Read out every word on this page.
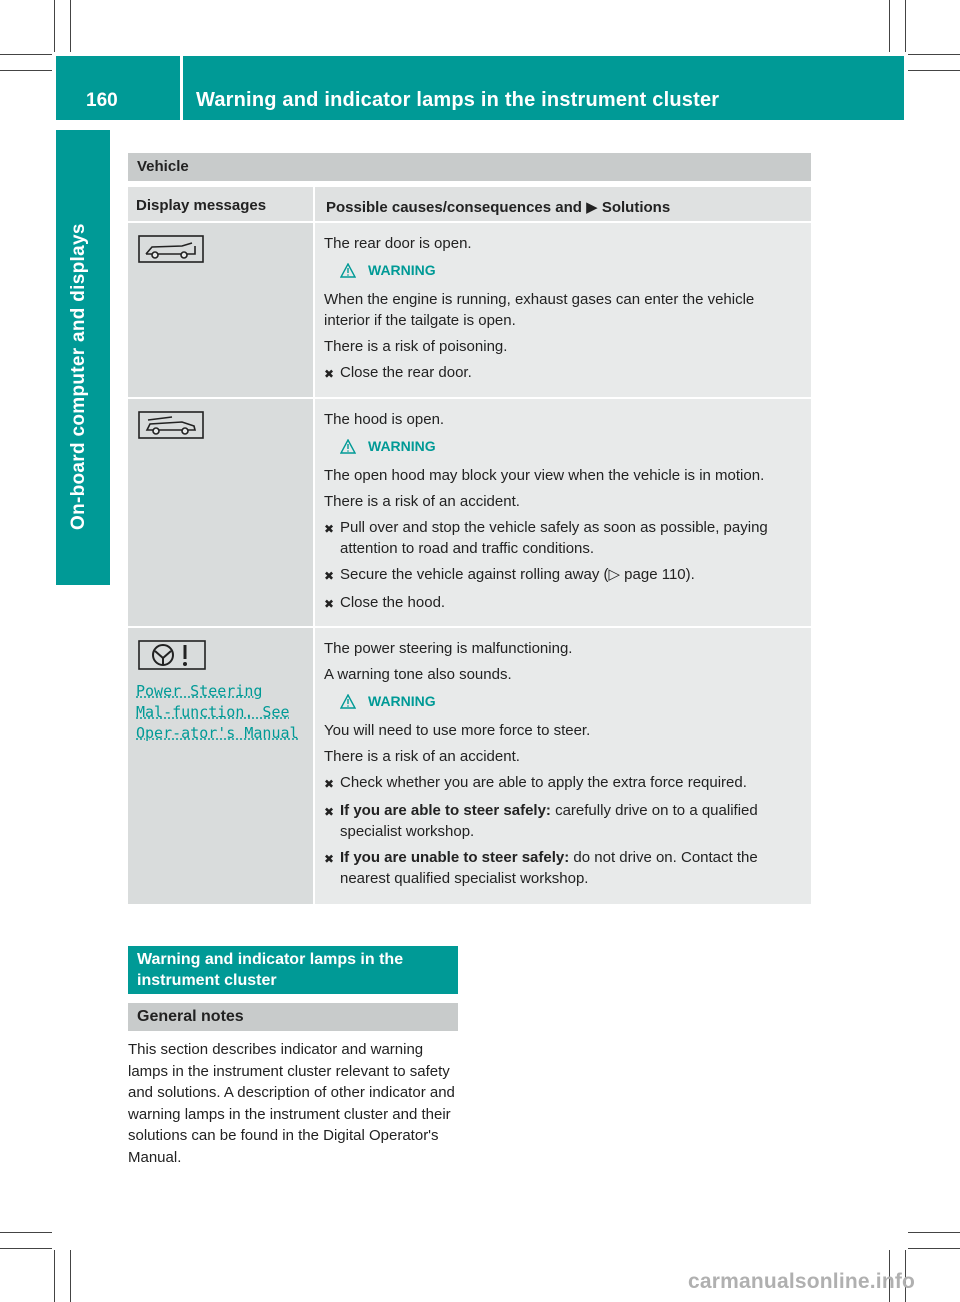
160	Warning and indicator lamps in the instrument cluster
On-board computer and displays
Vehicle
Display messages	Possible causes/consequences and ▶ Solutions
The rear door is open.
WARNING
When the engine is running, exhaust gases can enter the vehicle interior if the tailgate is open.
There is a risk of poisoning.
✖ Close the rear door.
The hood is open.
WARNING
The open hood may block your view when the vehicle is in motion.
There is a risk of an accident.
✖ Pull over and stop the vehicle safely as soon as possible, paying attention to road and traffic conditions.
✖ Secure the vehicle against rolling away (▷ page 110).
✖ Close the hood.
Power Steering Mal-function. See Oper-ator's Manual
The power steering is malfunctioning.
A warning tone also sounds.
WARNING
You will need to use more force to steer.
There is a risk of an accident.
✖ Check whether you are able to apply the extra force required.
✖ If you are able to steer safely: carefully drive on to a qualified specialist workshop.
✖ If you are unable to steer safely: do not drive on. Contact the nearest qualified specialist workshop.
Warning and indicator lamps in the instrument cluster
General notes
This section describes indicator and warning lamps in the instrument cluster relevant to safety and solutions. A description of other indicator and warning lamps in the instrument cluster and their solutions can be found in the Digital Operator's Manual.
carmanualsonline.info
